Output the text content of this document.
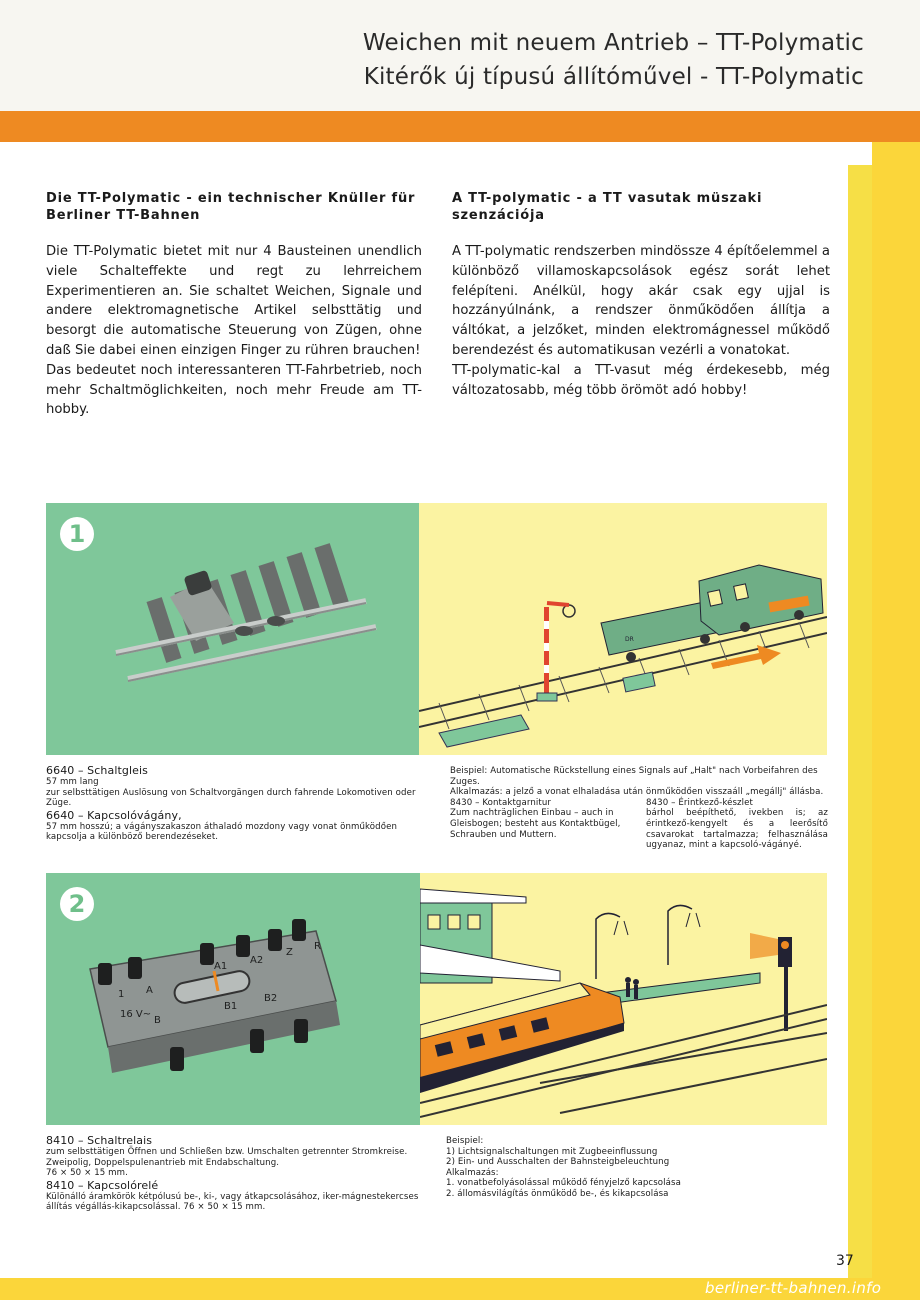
Weichen mit neuem Antrieb – TT-Polymatic
Kitérők új típusú állítóművel - TT-Polymatic
Die TT-Polymatic - ein technischer Knüller für Berliner TT-Bahnen

Die TT-Polymatic bietet mit nur 4 Bausteinen unendlich viele Schalteffekte und regt zu lehrreichem Experimentieren an. Sie schaltet Weichen, Signale und andere elektromagnetische Artikel selbsttätig und besorgt die automatische Steuerung von Zügen, ohne daß Sie dabei einen einzigen Finger zu rühren brauchen!

Das bedeutet noch interessanteren TT-Fahrbetrieb, noch mehr Schaltmöglichkeiten, noch mehr Freude am TT-hobby.

A TT-polymatic - a TT vasutak müszaki szenzációja

A TT-polymatic rendszerben mindössze 4 építőelemmel a különböző villamoskapcsolások egész sorát lehet felépíteni. Anélkül, hogy akár csak egy ujjal is hozzányúlnánk, a rendszer önműködően állítja a váltókat, a jelzőket, minden elektromágnessel működő berendezést és automatikusan vezérli a vonatokat.

TT-polymatic-kal a TT-vasut még érdekesebb, még változatosabb, még több örömöt adó hobby!

1
DR
6640 – Schaltgleis
57 mm lang
zur selbsttätigen Auslösung von Schaltvorgängen durch fahrende Lokomotiven oder Züge.
6640 – Kapcsolóvágány,
57 mm hosszú; a vágányszakaszon áthaladó mozdony vagy vonat önműködően kapcsolja a különböző berendezéseket.
Beispiel: Automatische Rückstellung eines Signals auf „Halt" nach Vorbeifahren des Zuges.
Alkalmazás: a jelző a vonat elhaladása után önműködően visszaáll „megállj" állásba.
8430 – Kontaktgarnitur
Zum nachträglichen Einbau – auch in Gleisbogen; besteht aus Kontaktbügel, Schrauben und Muttern.
8430 – Érintkező-készlet
bárhol beépíthető, ivekben is; az érintkező-kengyelt és a leerősítő csavarokat tartalmazza; felhasználása ugyanaz, mint a kapcsoló-vágányé.
2
16 V~
B
A
A1
A2
B1
B2
Z
R
1
8410 – Schaltrelais
zum selbsttätigen Öffnen und Schließen bzw. Umschalten getrennter Stromkreise. Zweipolig, Doppelspulenantrieb mit Endabschaltung.
76 × 50 × 15 mm.
8410 – Kapcsolórelé
Különálló áramkörök kétpólusú be-, ki-, vagy átkapcsolásához, iker-mágnestekercses állítás végállás-kikapcsolással. 76 × 50 × 15 mm.
Beispiel:
1) Lichtsignalschaltungen mit Zugbeeinflussung
2) Ein- und Ausschalten der Bahnsteigbeleuchtung
Alkalmazás:
1. vonatbefolyásolással működő fényjelző kapcsolása
2. állomásvilágítás önműködő be-, és kikapcsolása
37
berliner-tt-bahnen.info
